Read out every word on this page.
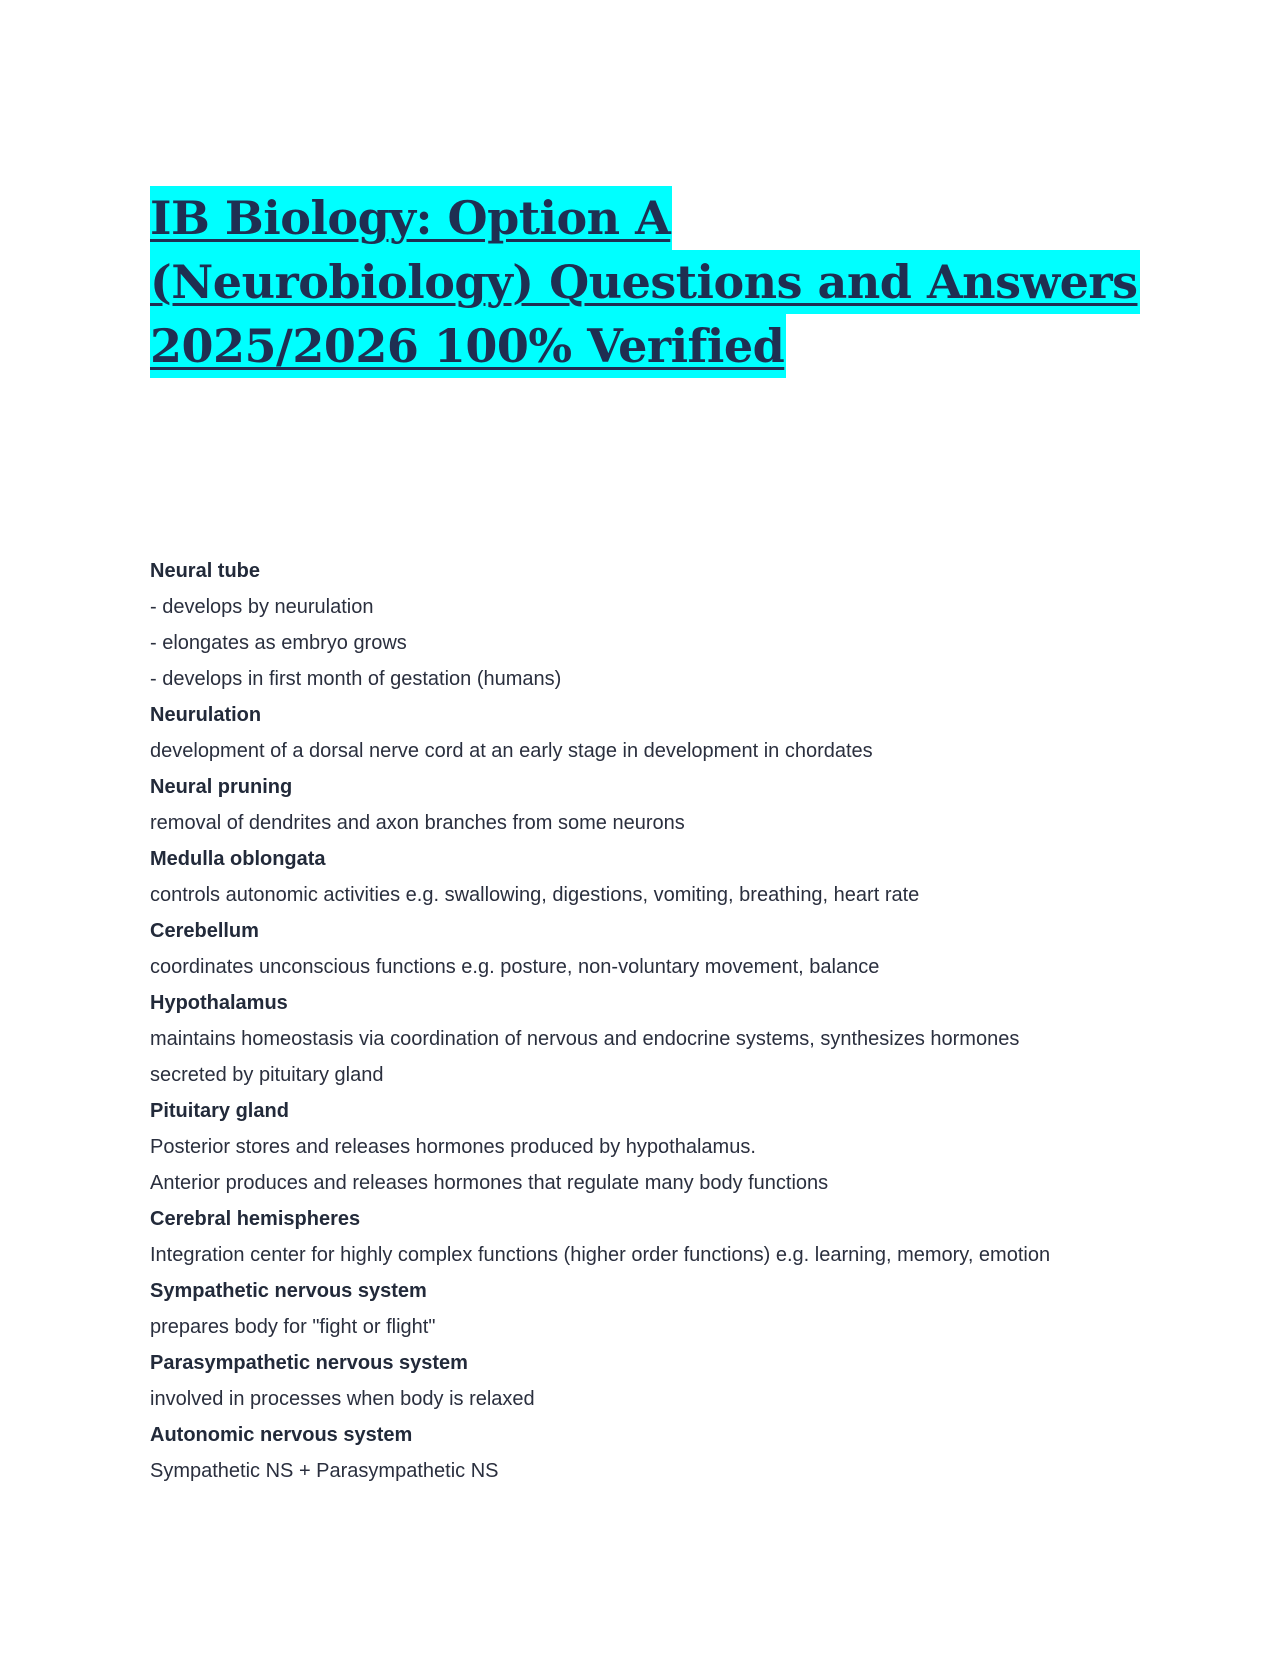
IB Biology: Option A
(Neurobiology) Questions and Answers
2025/2026 100% Verified
Neural tube
- develops by neurulation
- elongates as embryo grows
- develops in first month of gestation (humans)
Neurulation
development of a dorsal nerve cord at an early stage in development in chordates
Neural pruning
removal of dendrites and axon branches from some neurons
Medulla oblongata
controls autonomic activities e.g. swallowing, digestions, vomiting, breathing, heart rate
Cerebellum
coordinates unconscious functions e.g. posture, non-voluntary movement, balance
Hypothalamus
maintains homeostasis via coordination of nervous and endocrine systems, synthesizes hormones
secreted by pituitary gland
Pituitary gland
Posterior stores and releases hormones produced by hypothalamus.
Anterior produces and releases hormones that regulate many body functions
Cerebral hemispheres
Integration center for highly complex functions (higher order functions) e.g. learning, memory, emotion
Sympathetic nervous system
prepares body for "fight or flight"
Parasympathetic nervous system
involved in processes when body is relaxed
Autonomic nervous system
Sympathetic NS + Parasympathetic NS
